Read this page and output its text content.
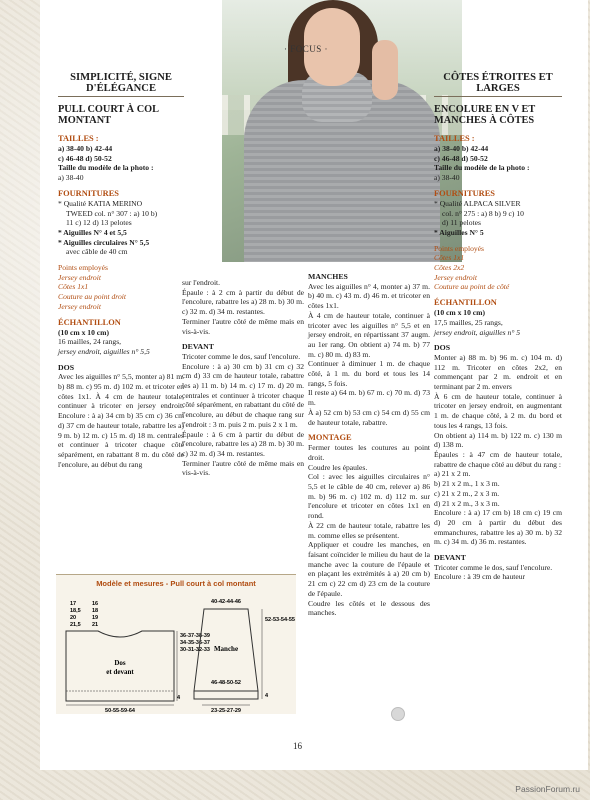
· FOCUS ·
SIMPLICITÉ, SIGNE D'ÉLÉGANCE
PULL COURT À COL MONTANT
TAILLES :

a) 38-40 b) 42-44

c) 46-48 d) 50-52

Taille du modèle de la photo :

a) 38-40

FOURNITURES

* Qualité KATIA MERINO

TWEED col. n° 307 : a) 10 b)

11 c) 12 d) 13 pelotes

* Aiguilles N° 4 et 5,5

* Aiguilles circulaires N° 5,5

avec câble de 40 cm

Points employés

Jersey endroit

Côtes 1x1

Couture au point droit

Jersey endroit

ÉCHANTILLON

(10 cm x 10 cm)

16 mailles, 24 rangs,

jersey endroit, aiguilles n° 5,5

DOS

Avec les aiguilles n° 5,5, monter a) 81 m. b) 88 m. c) 95 m. d) 102 m. et tricoter en côtes 1x1. À 4 cm de hauteur totale, continuer à tricoter en jersey endroit. Encolure : à a) 34 cm b) 35 cm c) 36 cm d) 37 cm de hauteur totale, rabattre les a) 9 m. b) 12 m. c) 15 m. d) 18 m. centrales et continuer à tricoter chaque côté séparément, en rabattant 8 m. du côté de l'encolure, au début du rang

sur l'endroit.

Épaule : à 2 cm à partir du début de l'encolure, rabattre les a) 28 m. b) 30 m. c) 32 m. d) 34 m. restantes.

Terminer l'autre côté de même mais en vis-à-vis.

DEVANT

Tricoter comme le dos, sauf l'encolure.

Encolure : à a) 30 cm b) 31 cm c) 32 cm d) 33 cm de hauteur totale, rabattre les a) 11 m. b) 14 m. c) 17 m. d) 20 m. centrales et continuer à tricoter chaque côté séparément, en rabattant du côté de l'encolure, au début de chaque rang sur l'endroit : 3 m. puis 2 m. puis 2 x 1 m.

Épaule : à 6 cm à partir du début de l'encolure, rabattre les a) 28 m. b) 30 m. c) 32 m. d) 34 m. restantes.

Terminer l'autre côté de même mais en vis-à-vis.

MANCHES

Avec les aiguilles n° 4, monter a) 37 m. b) 40 m. c) 43 m. d) 46 m. et tricoter en côtes 1x1.

À 4 cm de hauteur totale, continuer à tricoter avec les aiguilles n° 5,5 et en jersey endroit, en répartissant 37 augm. au 1er rang. On obtient a) 74 m. b) 77 m. c) 80 m. d) 83 m.

Continuer à diminuer 1 m. de chaque côté, à 1 m. du bord et tous les 14 rangs, 5 fois.

Il reste a) 64 m. b) 67 m. c) 70 m. d) 73 m.

À a) 52 cm b) 53 cm c) 54 cm d) 55 cm de hauteur totale, rabattre.

MONTAGE

Fermer toutes les coutures au point droit.

Coudre les épaules.

Col : avec les aiguilles circulaires n° 5,5 et le câble de 40 cm, relever a) 86 m. b) 96 m. c) 102 m. d) 112 m. sur l'encolure et tricoter en côtes 1x1 en rond.

À 22 cm de hauteur totale, rabattre les m. comme elles se présentent.

Appliquer et coudre les manches, en faisant coïncider le milieu du haut de la manche avec la couture de l'épaule et en plaçant les extrémités à a) 20 cm b) 21 cm c) 22 cm d) 23 cm de la couture de l'épaule.

Coudre les côtés et le dessous des manches.

CÔTES ÉTROITES ET LARGES
ENCOLURE EN V ET MANCHES À CÔTES
TAILLES :

a) 38-40 b) 42-44

c) 46-48 d) 50-52

Taille du modèle de la photo :

a) 38-40

FOURNITURES

* Qualité ALPACA SILVER

col. n° 275 : a) 8 b) 9 c) 10

d) 11 pelotes

* Aiguilles N° 5

Points employés

Côtes 1x1

Côtes 2x2

Jersey endroit

Couture au point de côté

ÉCHANTILLON

(10 cm x 10 cm)

17,5 mailles, 25 rangs,

jersey endroit, aiguilles n° 5

DOS

Monter a) 88 m. b) 96 m. c) 104 m. d) 112 m. Tricoter en côtes 2x2, en commençant par 2 m. endroit et en terminant par 2 m. envers

À 6 cm de hauteur totale, continuer à tricoter en jersey endroit, en augmentant 1 m. de chaque côté, à 2 m. du bord et tous les 4 rangs, 13 fois.

On obtient a) 114 m. b) 122 m. c) 130 m d) 138 m.

Épaules : à 47 cm de hauteur totale, rabattre de chaque côté au début du rang :

a) 21 x 2 m.

b) 21 x 2 m., 1 x 3 m.

c) 21 x 2 m., 2 x 3 m.

d) 21 x 2 m., 3 x 3 m.

Encolure : à a) 17 cm b) 18 cm c) 19 cm d) 20 cm à partir du début des emmanchures, rabattre les a) 30 m. b) 32 m. c) 34 m. d) 36 m. restantes.

DEVANT

Tricoter comme le dos, sauf l'encolure.

Encolure : à 39 cm de hauteur

Modèle et mesures - Pull court à col montant
Dos
et devant
17
18,5
20
21,5
16
18
19
21
36-37-38-39
34-35-36-37
30-31-32-33
4
50-55-59-64
40-42-44-46
Manche
46-48-50-52
52-53-54-55
4
23-25-27-29
16
PassionForum.ru
